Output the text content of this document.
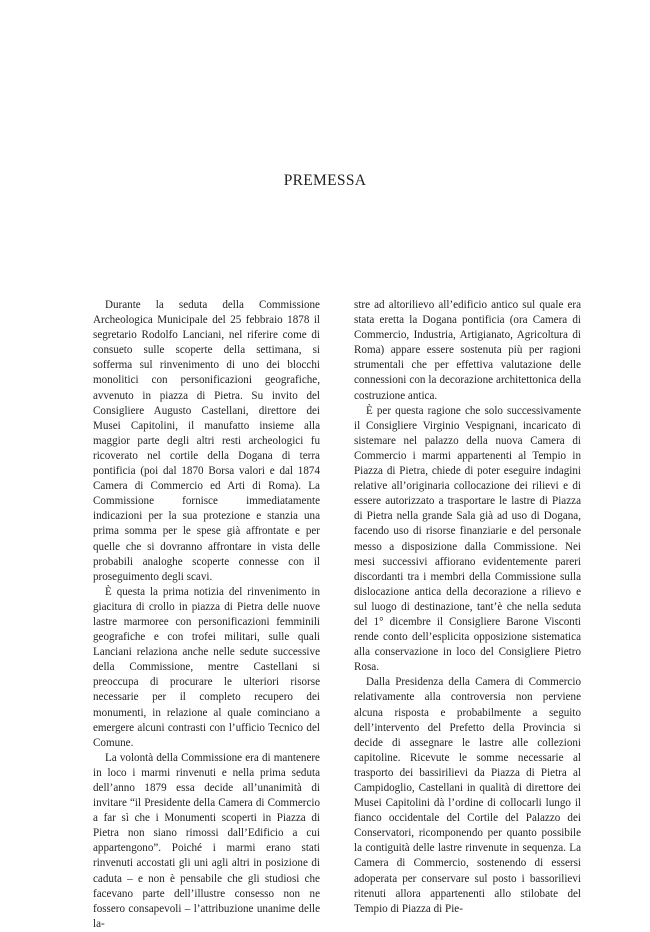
PREMESSA

Durante la seduta della Commissione Archeologica Municipale del 25 febbraio 1878 il segretario Rodolfo Lanciani, nel riferire come di consueto sulle scoperte della settimana, si sofferma sul rinvenimento di uno dei blocchi monolitici con personificazioni geografiche, avvenuto in piazza di Pietra. Su invito del Consigliere Augusto Castellani, direttore dei Musei Capitolini, il manufatto insieme alla maggior parte degli altri resti archeologici fu ricoverato nel cortile della Dogana di terra pontificia (poi dal 1870 Borsa valori e dal 1874 Camera di Commercio ed Arti di Roma). La Commissione fornisce immediatamente indicazioni per la sua protezione e stanzia una prima somma per le spese già affrontate e per quelle che si dovranno affrontare in vista delle probabili analoghe scoperte connesse con il proseguimento degli scavi.

È questa la prima notizia del rinvenimento in giacitura di crollo in piazza di Pietra delle nuove lastre marmoree con personificazioni femminili geografiche e con trofei militari, sulle quali Lanciani relaziona anche nelle sedute successive della Commissione, mentre Castellani si preoccupa di procurare le ulteriori risorse necessarie per il completo recupero dei monumenti, in relazione al quale cominciano a emergere alcuni contrasti con l’ufficio Tecnico del Comune.

La volontà della Commissione era di mantenere in loco i marmi rinvenuti e nella prima seduta dell’anno 1879 essa decide all’unanimità di invitare “il Presidente della Camera di Commercio a far sì che i Monumenti scoperti in Piazza di Pietra non siano rimossi dall’Edificio a cui appartengono”. Poiché i marmi erano stati rinvenuti accostati gli uni agli altri in posizione di caduta – e non è pensabile che gli studiosi che facevano parte dell’illustre consesso non ne fossero consapevoli – l’attribuzione unanime delle la-

stre ad altorilievo all’edificio antico sul quale era stata eretta la Dogana pontificia (ora Camera di Commercio, Industria, Artigianato, Agricoltura di Roma) appare essere sostenuta più per ragioni strumentali che per effettiva valutazione delle connessioni con la decorazione architettonica della costruzione antica.

È per questa ragione che solo successivamente il Consigliere Virginio Vespignani, incaricato di sistemare nel palazzo della nuova Camera di Commercio i marmi appartenenti al Tempio in Piazza di Pietra, chiede di poter eseguire indagini relative all’originaria collocazione dei rilievi e di essere autorizzato a trasportare le lastre di Piazza di Pietra nella grande Sala già ad uso di Dogana, facendo uso di risorse finanziarie e del personale messo a disposizione dalla Commissione. Nei mesi successivi affiorano evidentemente pareri discordanti tra i membri della Commissione sulla dislocazione antica della decorazione a rilievo e sul luogo di destinazione, tant’è che nella seduta del 1° dicembre il Consigliere Barone Visconti rende conto dell’esplicita opposizione sistematica alla conservazione in loco del Consigliere Pietro Rosa.

Dalla Presidenza della Camera di Commercio relativamente alla controversia non perviene alcuna risposta e probabilmente a seguito dell’intervento del Prefetto della Provincia si decide di assegnare le lastre alle collezioni capitoline. Ricevute le somme necessarie al trasporto dei bassirilievi da Piazza di Pietra al Campidoglio, Castellani in qualità di direttore dei Musei Capitolini dà l’ordine di collocarli lungo il fianco occidentale del Cortile del Palazzo dei Conservatori, ricomponendo per quanto possibile la contiguità delle lastre rinvenute in sequenza. La Camera di Commercio, sostenendo di essersi adoperata per conservare sul posto i bassorilievi ritenuti allora appartenenti allo stilobate del Tempio di Piazza di Pie-
